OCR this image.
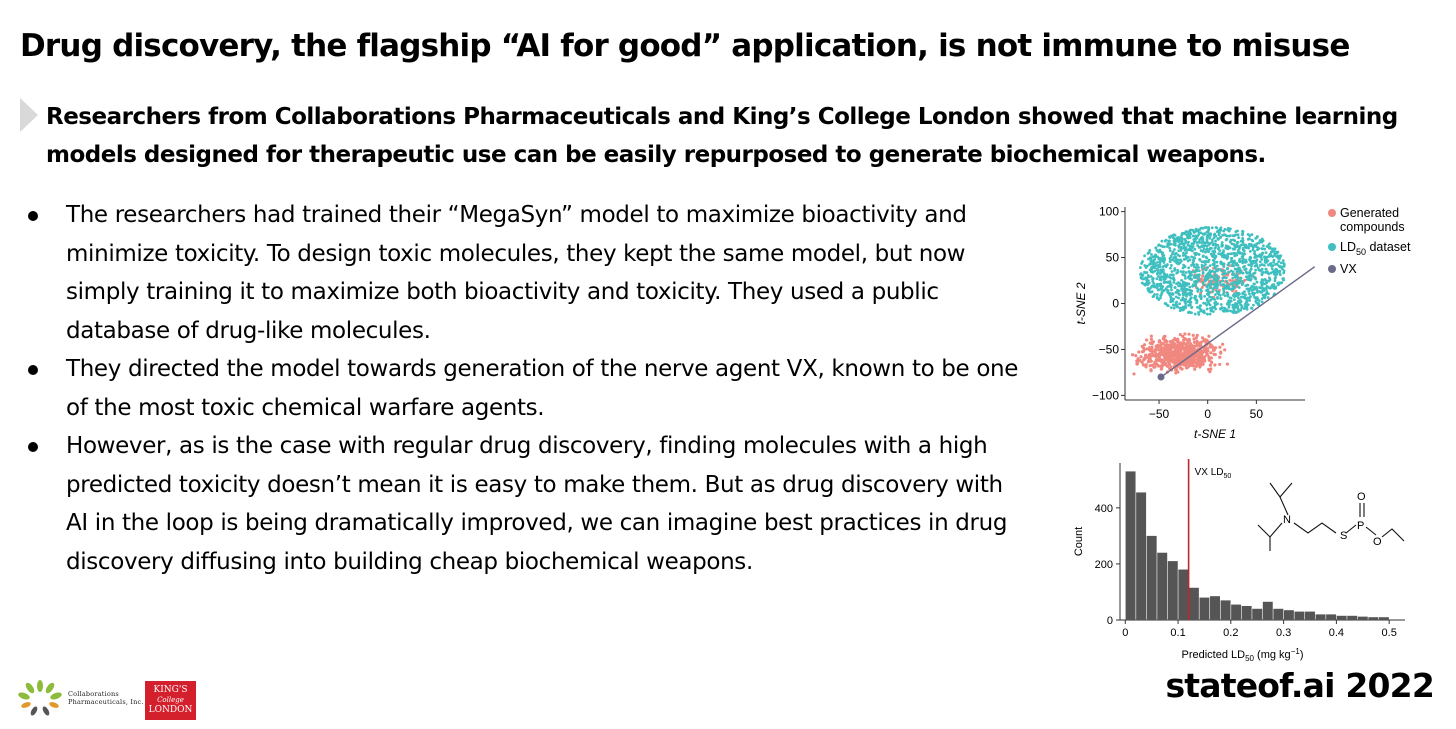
Drug discovery, the flagship “AI for good” application, is not immune to misuse
Researchers from Collaborations Pharmaceuticals and King’s College London showed that machine learning models designed for therapeutic use can be easily repurposed to generate biochemical weapons.
The researchers had trained their “MegaSyn” model to maximize bioactivity and minimize toxicity. To design toxic molecules, they kept the same model, but now simply training it to maximize both bioactivity and toxicity. They used a public database of drug-like molecules.
They directed the model towards generation of the nerve agent VX, known to be one of the most toxic chemical warfare agents.
However, as is the case with regular drug discovery, finding molecules with a high predicted toxicity doesn’t mean it is easy to make them. But as drug discovery with AI in the loop is being dramatically improved, we can imagine best practices in drug discovery diffusing into building cheap biochemical weapons.
100
50
0
−50
−100
−50	0	50
t-SNE 1
t-SNE 2
Generated
compounds
$LD_{50}$ dataset
VX
0
200
400
0	0.1	0.2	0.3	0.4	0.5
Count
Predicted $LD_{50}$ (mg $kg^{-1}$)
VX $LD_{50}$
N
S
P
O
O
Collaborations
Pharmaceuticals, Inc.
KING'S
College
LONDON
stateof.ai 2022
